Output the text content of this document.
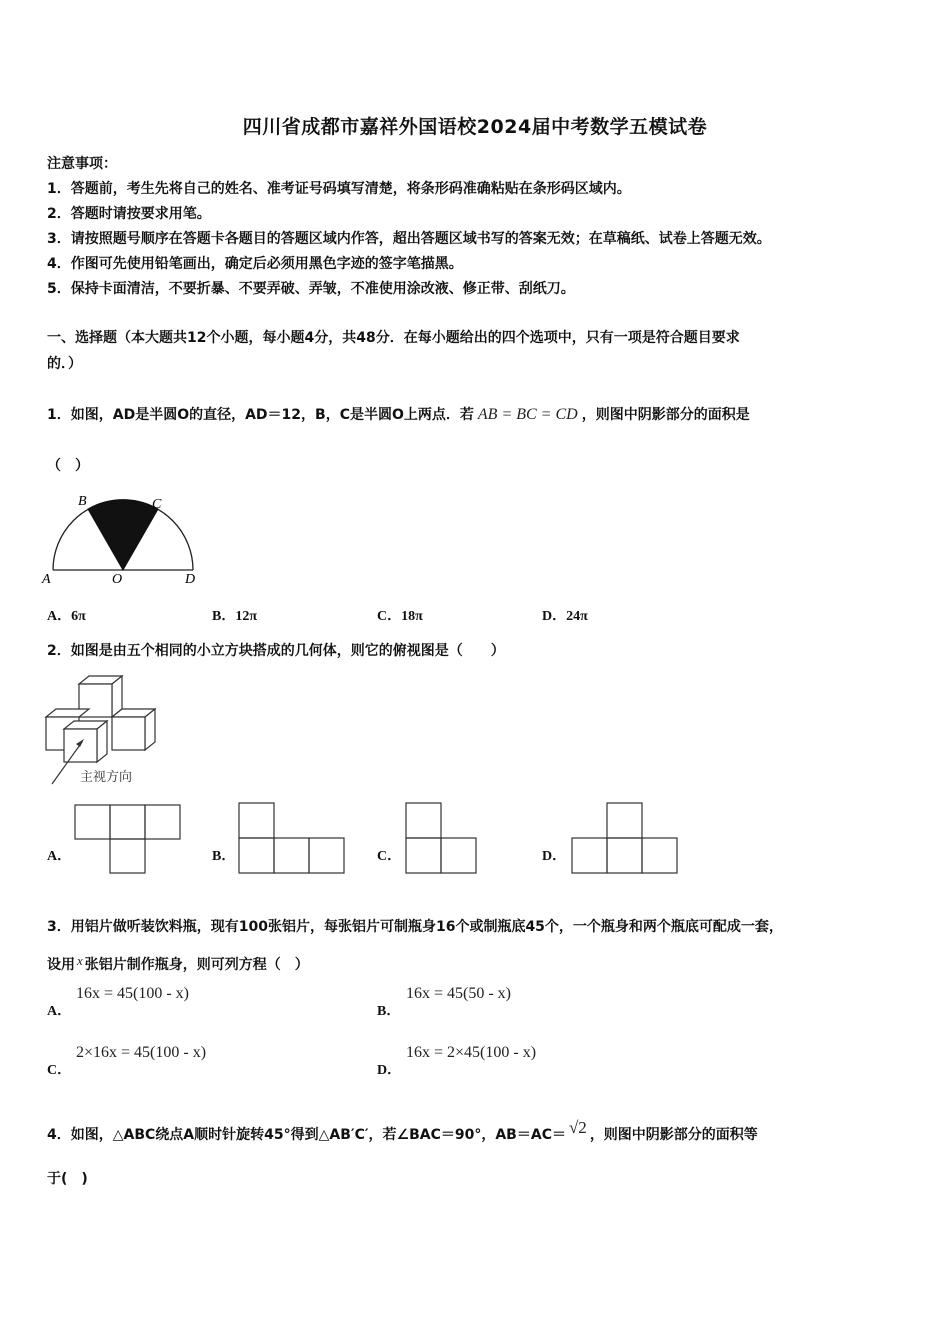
四川省成都市嘉祥外国语校2024届中考数学五模试卷
注意事项：
1．答题前，考生先将自己的姓名、准考证号码填写清楚，将条形码准确粘贴在条形码区域内。
2．答题时请按要求用笔。
3．请按照题号顺序在答题卡各题目的答题区域内作答，超出答题区域书写的答案无效；在草稿纸、试卷上答题无效。
4．作图可先使用铅笔画出，确定后必须用黑色字迹的签字笔描黑。
5．保持卡面清洁，不要折暴、不要弄破、弄皱，不准使用涂改液、修正带、刮纸刀。
一、选择题（本大题共12个小题，每小题4分，共48分．在每小题给出的四个选项中，只有一项是符合题目要求
的．）
1．如图，AD是半圆O的直径，AD＝12，B，C是半圆O上两点．若 AB = BC = CD ，则图中阴影部分的面积是
（　）
A
B	C
D
O
A．6π	B．12π	C．18π	D．24π
2．如图是由五个相同的小立方块搭成的几何体，则它的俯视图是（　　）
主视方向
A．	B．	C．	D．
3．用铝片做听装饮料瓶，现有100张铝片，每张铝片可制瓶身16个或制瓶底45个，一个瓶身和两个瓶底可配成一套，
设用 x 张铝片制作瓶身，则可列方程（　）
A．
16x = 45(100 - x)
B．
16x = 45(50 - x)
C．
2×16x = 45(100 - x)
D．
16x = 2×45(100 - x)
4．如图，△ABC绕点A顺时针旋转45°得到△AB′C′，若∠BAC＝90°，AB＝AC＝ √2 ，则图中阴影部分的面积等
于(　)
